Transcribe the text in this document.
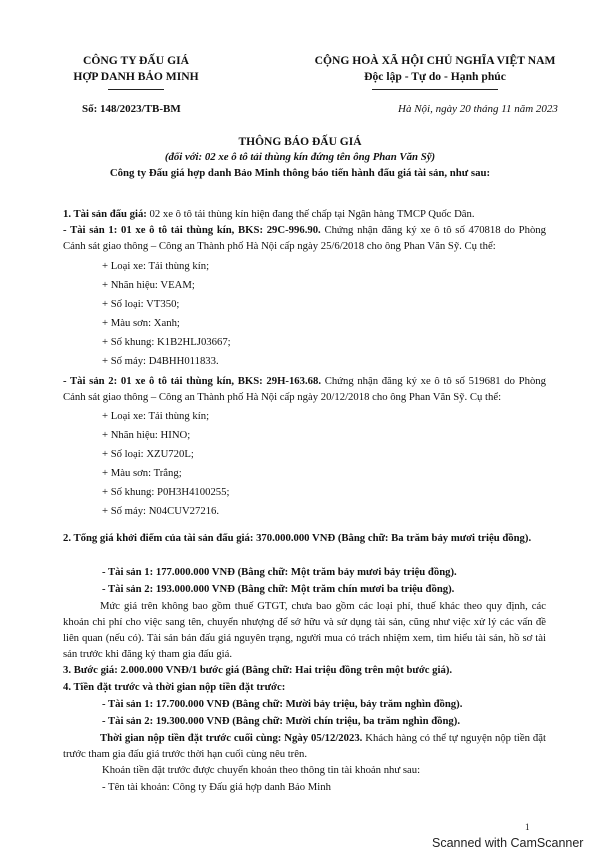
CÔNG TY ĐẤU GIÁ
HỢP DANH BẢO MINH
CỘNG HOÀ XÃ HỘI CHỦ NGHĨA VIỆT NAM
Độc lập - Tự do - Hạnh phúc
Số: 148/2023/TB-BM	Hà Nội, ngày 20 tháng 11 năm 2023
THÔNG BÁO ĐẤU GIÁ
(đối với: 02 xe ô tô tải thùng kín đứng tên ông Phan Văn Sỹ)
Công ty Đấu giá hợp danh Bảo Minh thông báo tiến hành đấu giá tài sản, như sau:
1. Tài sản đấu giá: 02 xe ô tô tải thùng kín hiện đang thế chấp tại Ngân hàng TMCP Quốc Dân.
- Tài sản 1: 01 xe ô tô tải thùng kín, BKS: 29C-996.90. Chứng nhận đăng ký xe ô tô số 470818 do Phòng Cảnh sát giao thông – Công an Thành phố Hà Nội cấp ngày 25/6/2018 cho ông Phan Văn Sỹ. Cụ thể:
+ Loại xe: Tải thùng kín;
+ Nhãn hiệu: VEAM;
+ Số loại: VT350;
+ Màu sơn: Xanh;
+ Số khung: K1B2HLJ03667;
+ Số máy: D4BHH011833.
- Tài sản 2: 01 xe ô tô tải thùng kín, BKS: 29H-163.68. Chứng nhận đăng ký xe ô tô số 519681 do Phòng Cảnh sát giao thông – Công an Thành phố Hà Nội cấp ngày 20/12/2018 cho ông Phan Văn Sỹ. Cụ thể:
+ Loại xe: Tải thùng kín;
+ Nhãn hiệu: HINO;
+ Số loại: XZU720L;
+ Màu sơn: Trắng;
+ Số khung: P0H3H4100255;
+ Số máy: N04CUV27216.
2. Tổng giá khởi điểm của tài sản đấu giá: 370.000.000 VNĐ (Bằng chữ: Ba trăm bảy mươi triệu đồng).
- Tài sản 1: 177.000.000 VNĐ (Bằng chữ: Một trăm bảy mươi bảy triệu đồng).
- Tài sản 2: 193.000.000 VNĐ (Bằng chữ: Một trăm chín mươi ba triệu đồng).
Mức giá trên không bao gồm thuế GTGT, chưa bao gồm các loại phí, thuế khác theo quy định, các khoản chi phí cho việc sang tên, chuyển nhượng để sở hữu và sử dụng tài sản, cũng như việc xử lý các vấn đề liên quan (nếu có). Tài sản bán đấu giá nguyên trạng, người mua có trách nhiệm xem, tìm hiểu tài sản, hồ sơ tài sản trước khi đăng ký tham gia đấu giá.
3. Bước giá: 2.000.000 VNĐ/1 bước giá (Bằng chữ: Hai triệu đồng trên một bước giá).
4. Tiền đặt trước và thời gian nộp tiền đặt trước:
- Tài sản 1: 17.700.000 VNĐ (Bằng chữ: Mười bảy triệu, bảy trăm nghìn đồng).
- Tài sản 2: 19.300.000 VNĐ (Bằng chữ: Mười chín triệu, ba trăm nghìn đồng).
Thời gian nộp tiền đặt trước cuối cùng: Ngày 05/12/2023. Khách hàng có thể tự nguyện nộp tiền đặt trước tham gia đấu giá trước thời hạn cuối cùng nêu trên.
Khoản tiền đặt trước được chuyển khoản theo thông tin tài khoản như sau:
- Tên tài khoản: Công ty Đấu giá hợp danh Bảo Minh
1
Scanned with CamScanner
